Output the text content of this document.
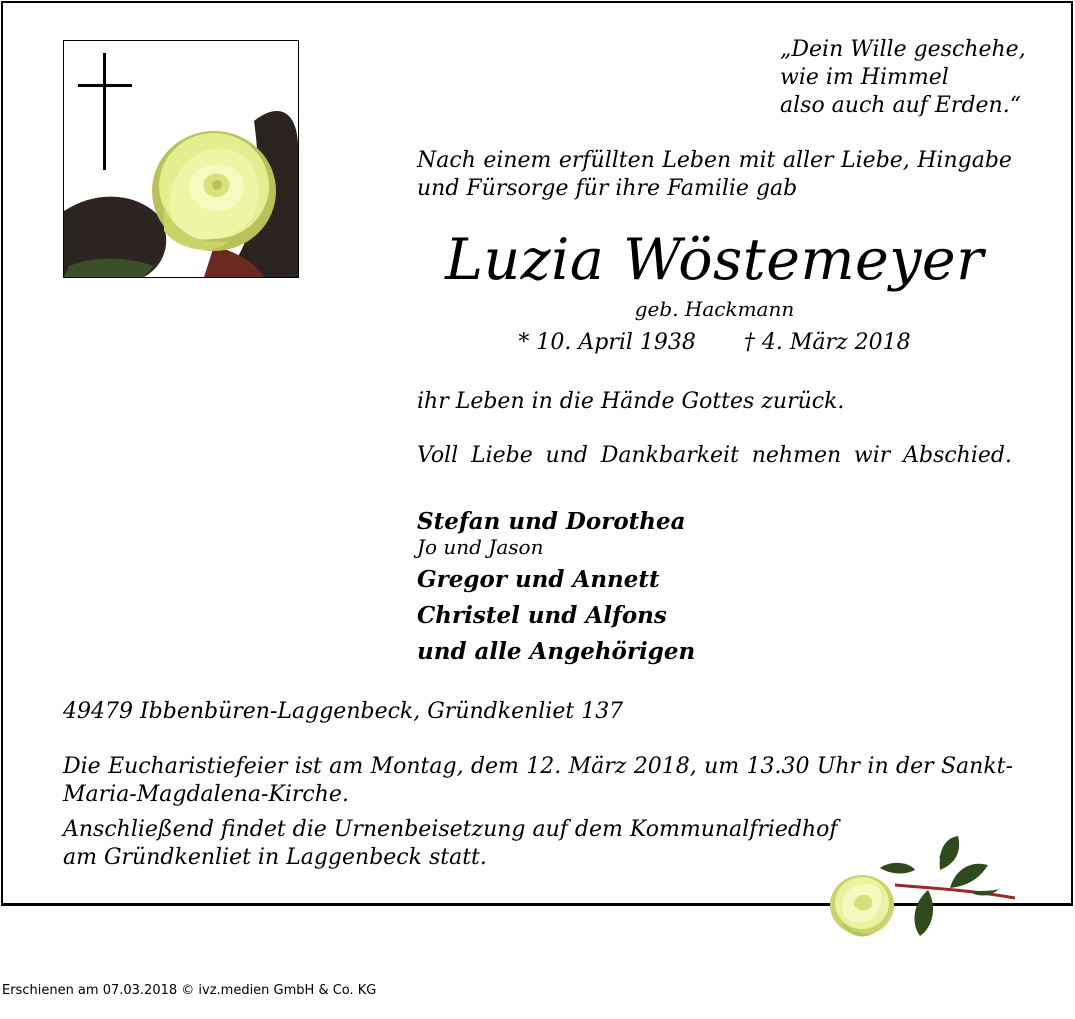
„Dein Wille geschehe,
wie im Himmel
also auch auf Erden.“
Nach einem erfüllten Leben mit aller Liebe, Hingabe
und Fürsorge für ihre Familie gab
Luzia Wöstemeyer
geb. Hackmann
* 10. April 1938 † 4. März 2018
ihr Leben in die Hände Gottes zurück.
Voll Liebe und Dankbarkeit nehmen wir Abschied.
Stefan und Dorothea
Jo und Jason
Gregor und Annett
Christel und Alfons
und alle Angehörigen
49479 Ibbenbüren-Laggenbeck, Gründkenliet 137
Die Eucharistiefeier ist am Montag, dem 12. März 2018, um 13.30 Uhr in der Sankt-
Maria-Magdalena-Kirche.
Anschließend findet die Urnenbeisetzung auf dem Kommunalfriedhof
am Gründkenliet in Laggenbeck statt.
Erschienen am 07.03.2018 © ivz.medien GmbH & Co. KG
